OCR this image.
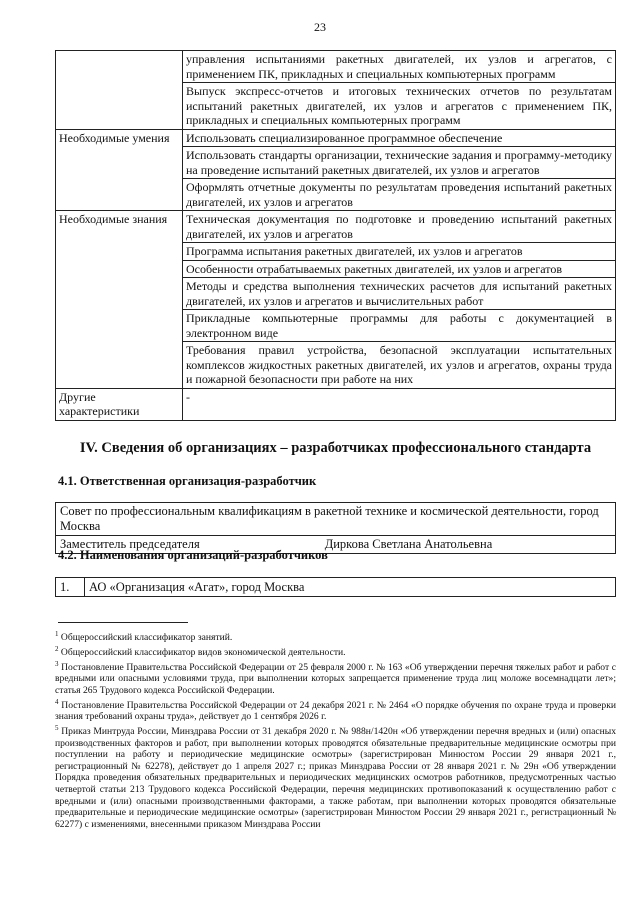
23
	управления испытаниями ракетных двигателей, их узлов и агрегатов, с применением ПК, прикладных и специальных компьютерных программ
	Выпуск экспресс-отчетов и итоговых технических отчетов по результатам испытаний ракетных двигателей, их узлов и агрегатов с применением ПК, прикладных и специальных компьютерных программ
Необходимые умения	Использовать специализированное программное обеспечение
	Использовать стандарты организации, технические задания и программу-методику на проведение испытаний ракетных двигателей, их узлов и агрегатов
	Оформлять отчетные документы по результатам проведения испытаний ракетных двигателей, их узлов и агрегатов
Необходимые знания	Техническая документация по подготовке и проведению испытаний ракетных двигателей, их узлов и агрегатов
	Программа испытания ракетных двигателей, их узлов и агрегатов
	Особенности отрабатываемых ракетных двигателей, их узлов и агрегатов
	Методы и средства выполнения технических расчетов для испытаний ракетных двигателей, их узлов и агрегатов и вычислительных работ
	Прикладные компьютерные программы для работы с документацией в электронном виде
	Требования правил устройства, безопасной эксплуатации испытательных комплексов жидкостных ракетных двигателей, их узлов и агрегатов, охраны труда и пожарной безопасности при работе на них
Другие характеристики	-
IV. Сведения об организациях – разработчиках профессионального стандарта
4.1. Ответственная организация-разработчик
Совет по профессиональным квалификациям в ракетной технике и космической деятельности, город Москва
Заместитель председателя	Диркова Светлана Анатольевна
4.2. Наименования организаций-разработчиков
1.	АО «Организация «Агат», город Москва

$^1$ Общероссийский классификатор занятий.

$^2$ Общероссийский классификатор видов экономической деятельности.

$^3$ Постановление Правительства Российской Федерации от 25 февраля 2000 г. № 163 «Об утверждении перечня тяжелых работ и работ с вредными или опасными условиями труда, при выполнении которых запрещается применение труда лиц моложе восемнадцати лет»; статья 265 Трудового кодекса Российской Федерации.

$^4$ Постановление Правительства Российской Федерации от 24 декабря 2021 г. № 2464 «О порядке обучения по охране труда и проверки знания требований охраны труда», действует до 1 сентября 2026 г.

$^5$ Приказ Минтруда России, Минздрава России от 31 декабря 2020 г. № 988н/1420н «Об утверждении перечня вредных и (или) опасных производственных факторов и работ, при выполнении которых проводятся обязательные предварительные медицинские осмотры при поступлении на работу и периодические медицинские осмотры» (зарегистрирован Минюстом России 29 января 2021 г., регистрационный № 62278), действует до 1 апреля 2027 г.; приказ Минздрава России от 28 января 2021 г. № 29н «Об утверждении Порядка проведения обязательных предварительных и периодических медицинских осмотров работников, предусмотренных частью четвертой статьи 213 Трудового кодекса Российской Федерации, перечня медицинских противопоказаний к осуществлению работ с вредными и (или) опасными производственными факторами, а также работам, при выполнении которых проводятся обязательные предварительные и периодические медицинские осмотры» (зарегистрирован Минюстом России 29 января 2021 г., регистрационный № 62277) с изменениями, внесенными приказом Минздрава России
